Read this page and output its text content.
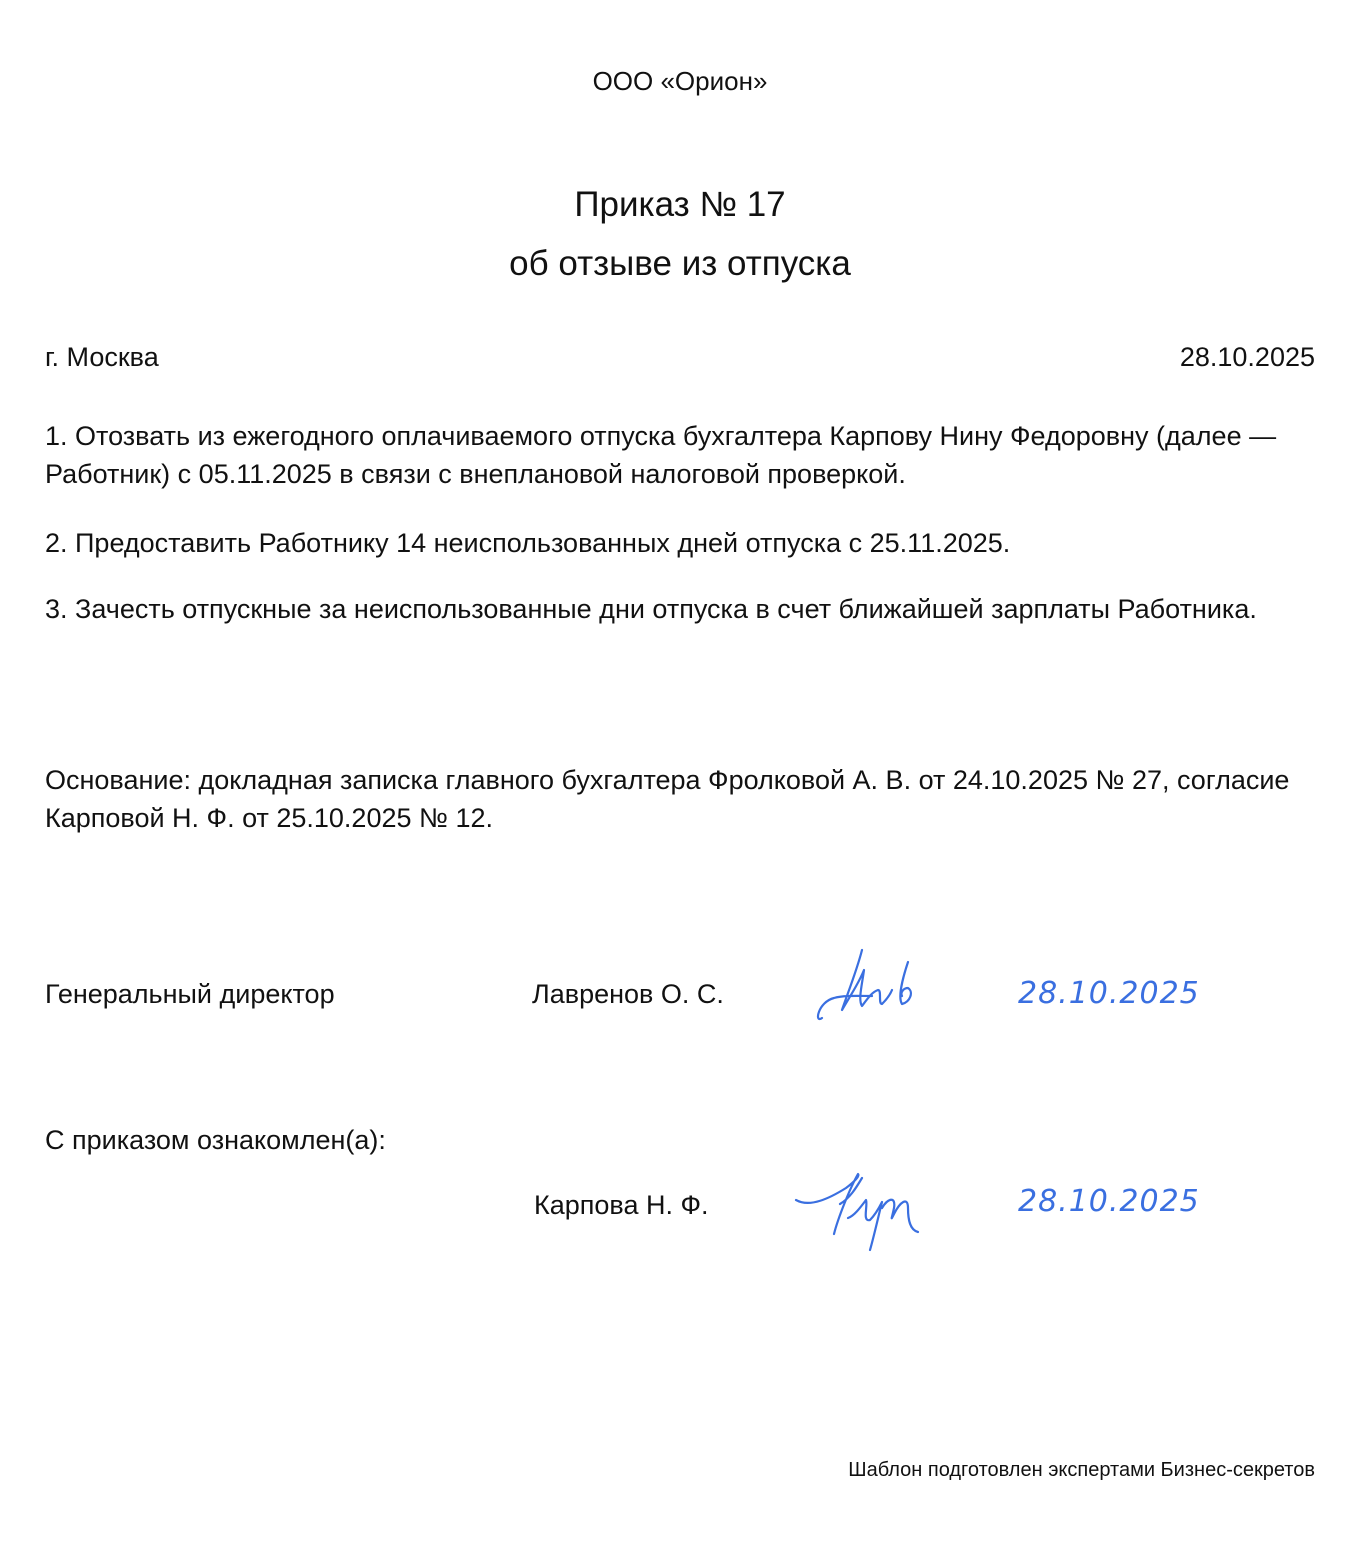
ООО «Орион»
Приказ № 17
об отзыве из отпуска
г. Москва	28.10.2025
1. Отозвать из ежегодного оплачиваемого отпуска бухгалтера Карпову Нину Федоровну (далее — Работник) с 05.11.2025 в связи с внеплановой налоговой проверкой.
2. Предоставить Работнику 14 неиспользованных дней отпуска с 25.11.2025.
3. Зачесть отпускные за неиспользованные дни отпуска в счет ближайшей зарплаты Работника.
Основание: докладная записка главного бухгалтера Фролковой А. В. от 24.10.2025 № 27, согласие Карповой Н. Ф. от 25.10.2025 № 12.
Генеральный директор	Лавренов О. С.	28.10.2025
С приказом ознакомлен(а):
Карпова Н. Ф.	28.10.2025
Шаблон подготовлен экспертами Бизнес-секретов
